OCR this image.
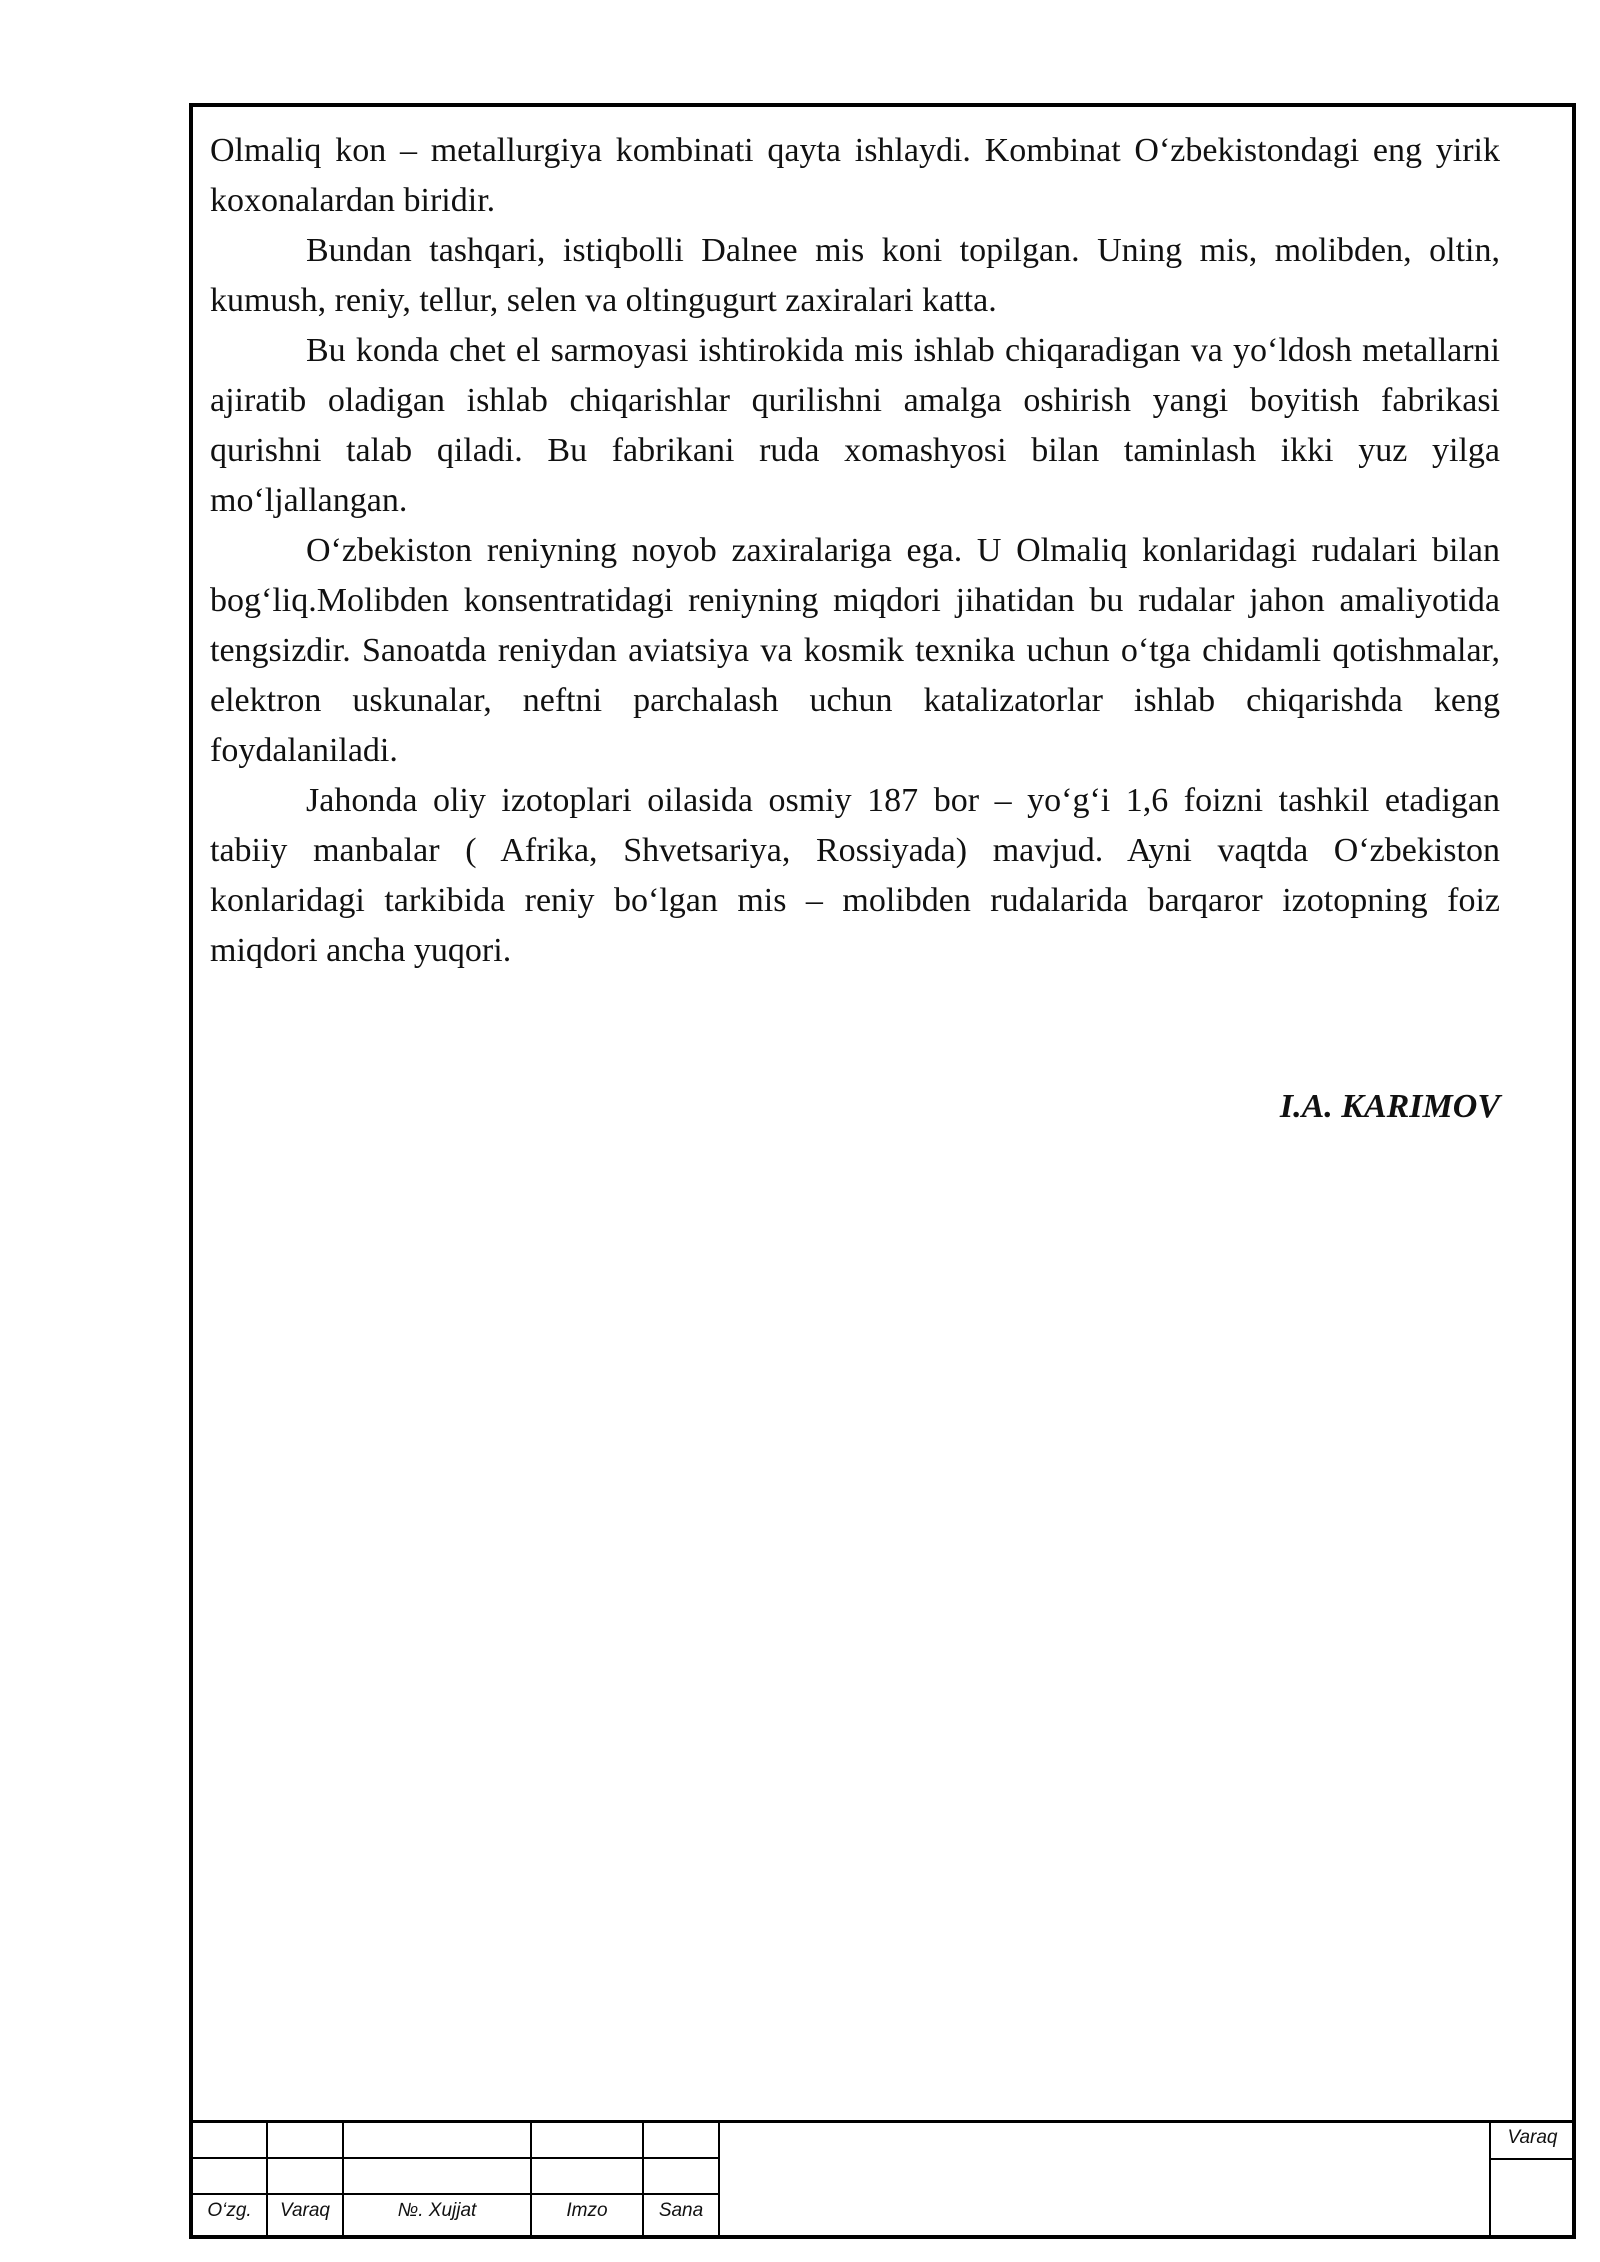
Olmaliq kon – metallurgiya kombinati qayta ishlaydi. Kombinat O‘zbekistondagi eng yirik koxonalardan biridir.

Bundan tashqari, istiqbolli Dalnee mis koni topilgan. Uning mis, molibden, oltin, kumush, reniy, tellur, selen va oltingugurt zaxiralari katta.

Bu konda chet el sarmoyasi ishtirokida mis ishlab chiqaradigan va yo‘ldosh metallarni ajiratib oladigan ishlab chiqarishlar qurilishni amalga oshirish yangi boyitish fabrikasi qurishni talab qiladi. Bu fabrikani ruda xomashyosi bilan taminlash ikki yuz yilga mo‘ljallangan.

O‘zbekiston reniyning noyob zaxiralariga ega. U Olmaliq konlaridagi rudalari bilan bog‘liq.Molibden konsentratidagi reniyning miqdori jihatidan bu rudalar jahon amaliyotida tengsizdir. Sanoatda reniydan aviatsiya va kosmik texnika uchun o‘tga chidamli qotishmalar, elektron uskunalar, neftni parchalash uchun katalizatorlar ishlab chiqarishda keng foydalaniladi.

Jahonda oliy izotoplari oilasida osmiy 187 bor – yo‘g‘i 1,6 foizni tashkil etadigan tabiiy manbalar ( Afrika, Shvetsariya, Rossiyada) mavjud. Ayni vaqtda O‘zbekiston konlaridagi tarkibida reniy bo‘lgan mis – molibden rudalarida barqaror izotopning foiz miqdori ancha yuqori.

I.A. KARIMOV
O‘zg.	Varaq	№. Xujjat	Imzo	Sana
Varaq
